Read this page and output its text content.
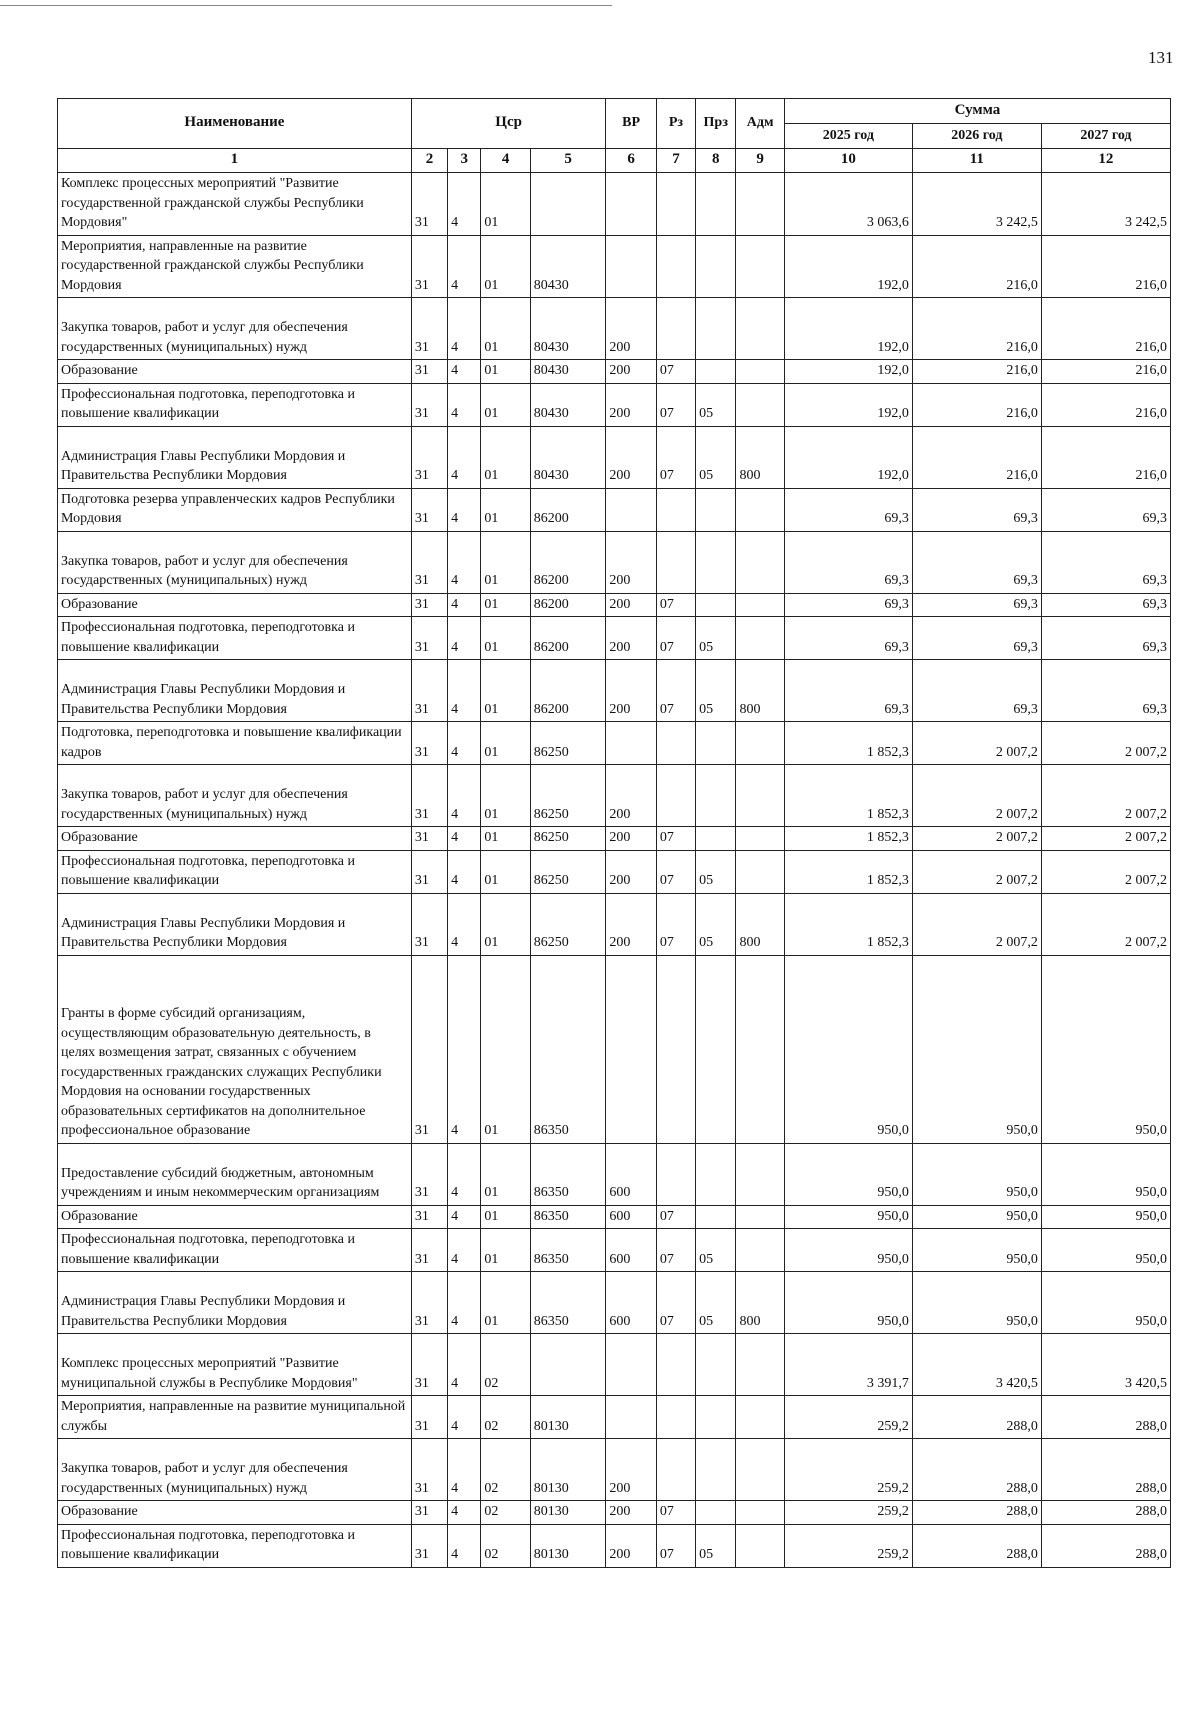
131
Наименование	Цср				ВР	Рз	Прз	Адм	Сумма		
									2025 год	2026 год	2027 год
1	2	3	4	5	6	7	8	9	10	11	12
Комплекс процессных мероприятий "Развитие государственной гражданской службы Республики Мордовия"	31	4	01						3 063,6	3 242,5	3 242,5
Мероприятия, направленные на развитие государственной гражданской службы Республики Мордовия	31	4	01	80430					192,0	216,0	216,0
Закупка товаров, работ и услуг для обеспечения государственных (муниципальных) нужд	31	4	01	80430	200				192,0	216,0	216,0
Образование	31	4	01	80430	200	07			192,0	216,0	216,0
Профессиональная подготовка, переподготовка и повышение квалификации	31	4	01	80430	200	07	05		192,0	216,0	216,0
Администрация Главы Республики Мордовия и Правительства Республики Мордовия	31	4	01	80430	200	07	05	800	192,0	216,0	216,0
Подготовка резерва управленческих кадров Республики Мордовия	31	4	01	86200					69,3	69,3	69,3
Закупка товаров, работ и услуг для обеспечения государственных (муниципальных) нужд	31	4	01	86200	200				69,3	69,3	69,3
Образование	31	4	01	86200	200	07			69,3	69,3	69,3
Профессиональная подготовка, переподготовка и повышение квалификации	31	4	01	86200	200	07	05		69,3	69,3	69,3
Администрация Главы Республики Мордовия и Правительства Республики Мордовия	31	4	01	86200	200	07	05	800	69,3	69,3	69,3
Подготовка, переподготовка и повышение квалификации кадров	31	4	01	86250					1 852,3	2 007,2	2 007,2
Закупка товаров, работ и услуг для обеспечения государственных (муниципальных) нужд	31	4	01	86250	200				1 852,3	2 007,2	2 007,2
Образование	31	4	01	86250	200	07			1 852,3	2 007,2	2 007,2
Профессиональная подготовка, переподготовка и повышение квалификации	31	4	01	86250	200	07	05		1 852,3	2 007,2	2 007,2
Администрация Главы Республики Мордовия и Правительства Республики Мордовия	31	4	01	86250	200	07	05	800	1 852,3	2 007,2	2 007,2
Гранты в форме субсидий организациям, осуществляющим образовательную деятельность, в целях возмещения затрат, связанных с обучением государственных гражданских служащих Республики Мордовия на основании государственных образовательных сертификатов на дополнительное профессиональное образование	31	4	01	86350					950,0	950,0	950,0
Предоставление субсидий бюджетным, автономным учреждениям и иным некоммерческим организациям	31	4	01	86350	600				950,0	950,0	950,0
Образование	31	4	01	86350	600	07			950,0	950,0	950,0
Профессиональная подготовка, переподготовка и повышение квалификации	31	4	01	86350	600	07	05		950,0	950,0	950,0
Администрация Главы Республики Мордовия и Правительства Республики Мордовия	31	4	01	86350	600	07	05	800	950,0	950,0	950,0
Комплекс процессных мероприятий "Развитие муниципальной службы в Республике Мордовия"	31	4	02						3 391,7	3 420,5	3 420,5
Мероприятия, направленные на развитие муниципальной службы	31	4	02	80130					259,2	288,0	288,0
Закупка товаров, работ и услуг для обеспечения государственных (муниципальных) нужд	31	4	02	80130	200				259,2	288,0	288,0
Образование	31	4	02	80130	200	07			259,2	288,0	288,0
Профессиональная подготовка, переподготовка и повышение квалификации	31	4	02	80130	200	07	05		259,2	288,0	288,0
